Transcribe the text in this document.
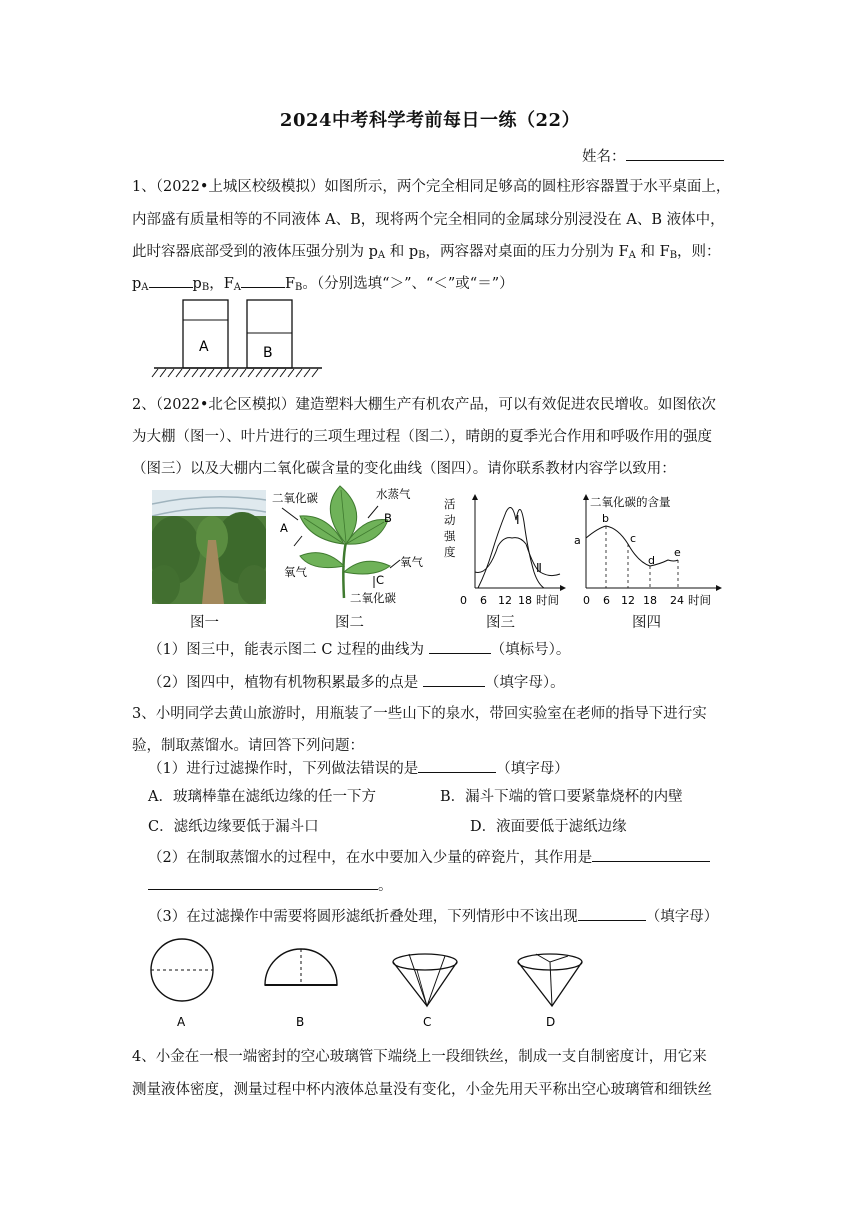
2024中考科学考前每日一练（22）
姓名：
1、（2022•上城区校级模拟）如图所示，两个完全相同足够高的圆柱形容器置于水平桌面上，
内部盛有质量相等的不同液体 A、B，现将两个完全相同的金属球分别浸没在 A、B 液体中，
此时容器底部受到的液体压强分别为 $p_A$ 和 $p_B$，两容器对桌面的压力分别为 $F_A$ 和 $F_B$，则：
$p_A$	$p_B$，$F_A$	$F_B$。（分别选填“＞”、“＜”或“＝”）
A	B
2、（2022•北仑区模拟）建造塑料大棚生产有机农产品，可以有效促进农民增收。如图依次
为大棚（图一）、叶片进行的三项生理过程（图二），晴朗的夏季光合作用和呼吸作用的强度
（图三）以及大棚内二氧化碳含量的变化曲线（图四）。请你联系教材内容学以致用：
图一
二氧化碳	水蒸气
A
B
C
氧气
氧气
二氧化碳
图二
活
动
强
度
Ⅰ
Ⅱ
0 6 12 18 时间
图三
二氧化碳的含量
a
b
c
d
e
0 6 12 18 24 时间
图四
（1）图三中，能表示图二 C 过程的曲线为	（填标号）。
（2）图四中，植物有机物积累最多的点是	（填字母）。
3、小明同学去黄山旅游时，用瓶装了一些山下的泉水，带回实验室在老师的指导下进行实
验，制取蒸馏水。请回答下列问题：
（1）进行过滤操作时，下列做法错误的是	（填字母）
A．玻璃棒靠在滤纸边缘的任一下方	B．漏斗下端的管口要紧靠烧杯的内壁
C．滤纸边缘要低于漏斗口	D．液面要低于滤纸边缘
（2）在制取蒸馏水的过程中，在水中要加入少量的碎瓷片，其作用是
。
（3）在过滤操作中需要将圆形滤纸折叠处理，下列情形中不该出现	（填字母）
A	B	C	D
4、小金在一根一端密封的空心玻璃管下端绕上一段细铁丝，制成一支自制密度计，用它来
测量液体密度，测量过程中杯内液体总量没有变化，小金先用天平称出空心玻璃管和细铁丝
